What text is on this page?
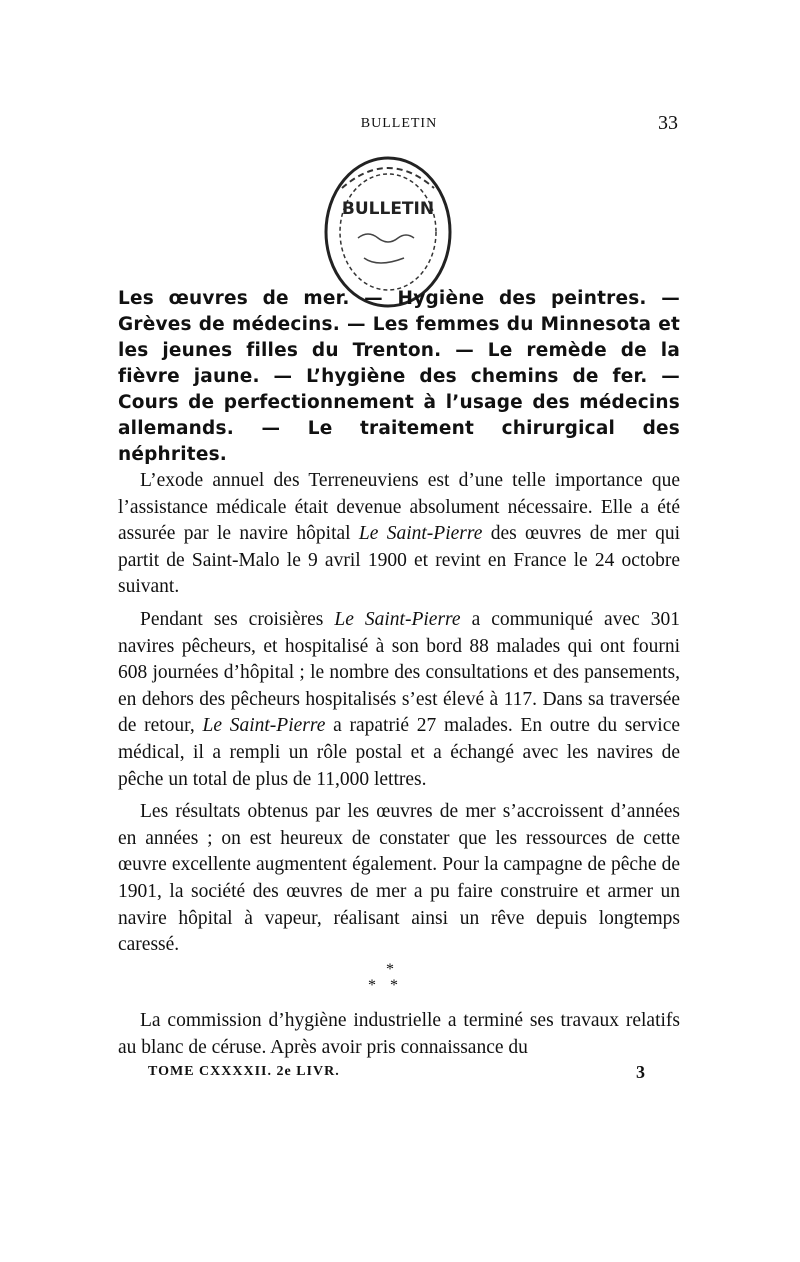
BULLETIN	33
BULLETIN
Les œuvres de mer. — Hygiène des peintres. — Grèves de médecins. — Les femmes du Minnesota et les jeunes filles du Trenton. — Le remède de la fièvre jaune. — L’hygiène des chemins de fer. — Cours de perfectionnement à l’usage des médecins allemands. — Le traitement chirurgical des néphrites.

L’exode annuel des Terreneuviens est d’une telle importance que l’assistance médicale était devenue absolument nécessaire. Elle a été assurée par le navire hôpital Le Saint-Pierre des œuvres de mer qui partit de Saint-Malo le 9 avril 1900 et revint en France le 24 octobre suivant.

Pendant ses croisières Le Saint-Pierre a communiqué avec 301 navires pêcheurs, et hospitalisé à son bord 88 malades qui ont fourni 608 journées d’hôpital ; le nombre des consultations et des pansements, en dehors des pêcheurs hospitalisés s’est élevé à 117. Dans sa traversée de retour, Le Saint-Pierre a rapatrié 27 malades. En outre du service médical, il a rempli un rôle postal et a échangé avec les navires de pêche un total de plus de 11,000 lettres.

Les résultats obtenus par les œuvres de mer s’accroissent d’années en années ; on est heureux de constater que les ressources de cette œuvre excellente augmentent également. Pour la campagne de pêche de 1901, la société des œuvres de mer a pu faire construire et armer un navire hôpital à vapeur, réalisant ainsi un rêve depuis longtemps caressé.

*
**

La commission d’hygiène industrielle a terminé ses travaux relatifs au blanc de céruse. Après avoir pris connaissance du

TOME CXXXXII. 2e LIVR.	3
